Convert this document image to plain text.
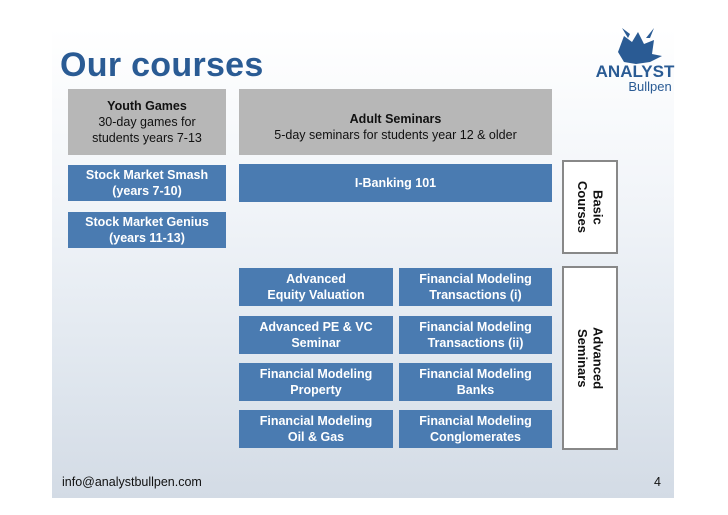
Our courses	ANALYST
Bullpen
Youth Games
30-day games for
students years 7-13
Adult Seminars
5-day seminars for students year 12 & older
Stock Market Smash
(years 7-10)
Stock Market Genius
(years 11-13)
I-Banking 101
Advanced
Equity Valuation
Financial Modeling
Transactions (i)
Advanced PE & VC
Seminar
Financial Modeling
Transactions (ii)
Financial Modeling
Property
Financial Modeling
Banks
Financial Modeling
Oil & Gas
Financial Modeling
Conglomerates
Basic
Courses
Advanced
Seminars
info@analystbullpen.com	4
